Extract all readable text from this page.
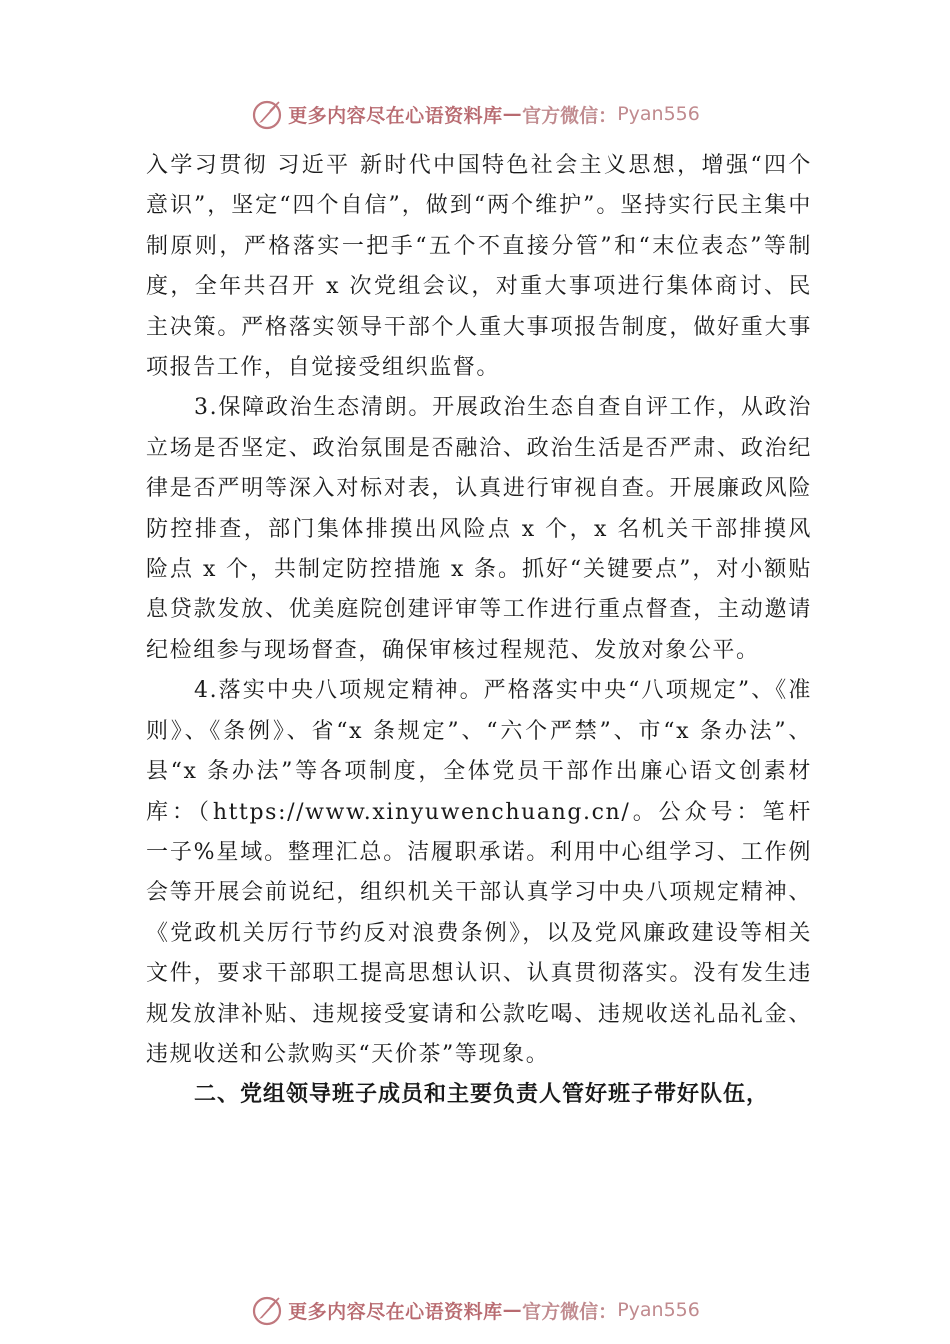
更多内容尽在心语资料库 — 官方微信： Pyan556

入学习贯彻 习近平 新时代中国特色社会主义思想，增强“四个意识”，坚定“四个自信”，做到“两个维护”。坚持实行民主集中制原则，严格落实一把手“五个不直接分管”和“末位表态”等制度，全年共召开 x 次党组会议，对重大事项进行集体商讨、民主决策。严格落实领导干部个人重大事项报告制度，做好重大事项报告工作，自觉接受组织监督。

3.保障政治生态清朗。开展政治生态自查自评工作，从政治立场是否坚定、政治氛围是否融洽、政治生活是否严肃、政治纪律是否严明等深入对标对表，认真进行审视自查。开展廉政风险防控排查，部门集体排摸出风险点 x 个，x 名机关干部排摸风险点 x 个，共制定防控措施 x 条。抓好“关键要点”，对小额贴息贷款发放、优美庭院创建评审等工作进行重点督查，主动邀请纪检组参与现场督查，确保审核过程规范、发放对象公平。

4.落实中央八项规定精神。严格落实中央“八项规定”、《准则》、《条例》、省“x 条规定”、“六个严禁”、市“x 条办法”、县“x 条办法”等各项制度，全体党员干部作出廉心语文创素材库：（https://www.xinyuwenchuang.cn/。公众号：笔杆一子%星域。整理汇总。洁履职承诺。利用中心组学习、工作例会等开展会前说纪，组织机关干部认真学习中央八项规定精神、《党政机关厉行节约反对浪费条例》，以及党风廉政建设等相关文件，要求干部职工提高思想认识、认真贯彻落实。没有发生违规发放津补贴、违规接受宴请和公款吃喝、违规收送礼品礼金、违规收送和公款购买“天价茶”等现象。

二、党组领导班子成员和主要负责人管好班子带好队伍，

更多内容尽在心语资料库 — 官方微信： Pyan556
